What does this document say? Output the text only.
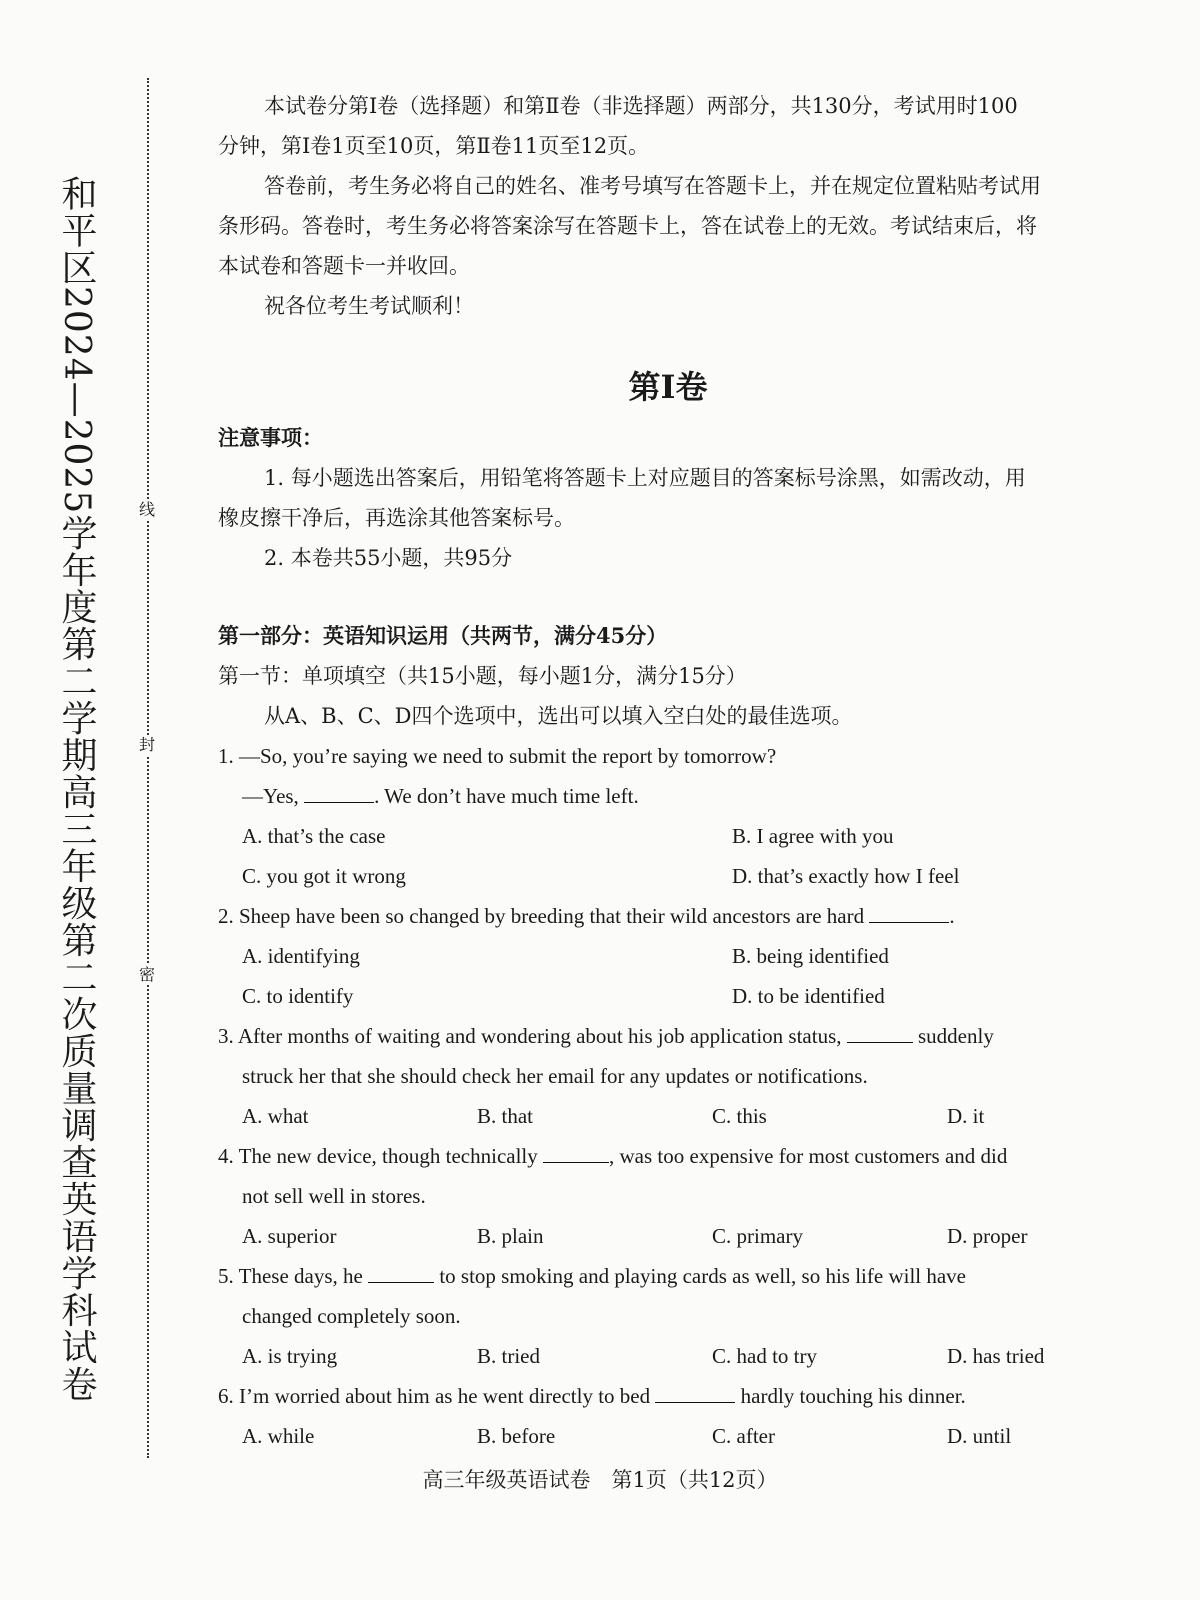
和平区2024—2025学年度第二学期高三年级第二次质量调查英语学科试卷	线
封
密
本试卷分第Ⅰ卷（选择题）和第Ⅱ卷（非选择题）两部分，共130分，考试用时100
分钟，第Ⅰ卷1页至10页，第Ⅱ卷11页至12页。
答卷前，考生务必将自己的姓名、准考号填写在答题卡上，并在规定位置粘贴考试用
条形码。答卷时，考生务必将答案涂写在答题卡上，答在试卷上的无效。考试结束后，将
本试卷和答题卡一并收回。
祝各位考生考试顺利！
第Ⅰ卷
注意事项：
1. 每小题选出答案后，用铅笔将答题卡上对应题目的答案标号涂黑，如需改动，用
橡皮擦干净后，再选涂其他答案标号。
2. 本卷共55小题，共95分
第一部分：英语知识运用（共两节，满分45分）
第一节：单项填空（共15小题，每小题1分，满分15分）
从A、B、C、D四个选项中，选出可以填入空白处的最佳选项。
1. —So, you’re saying we need to submit the report by tomorrow?
—Yes,	. We don’t have much time left.
A. that’s the case	B. I agree with you
C. you got it wrong	D. that’s exactly how I feel
2. Sheep have been so changed by breeding that their wild ancestors are hard	.
A. identifying	B. being identified
C. to identify	D. to be identified
3. After months of waiting and wondering about his job application status,	suddenly
struck her that she should check her email for any updates or notifications.
A. what	B. that	C. this	D. it
4. The new device, though technically	, was too expensive for most customers and did
not sell well in stores.
A. superior	B. plain	C. primary	D. proper
5. These days, he	to stop smoking and playing cards as well, so his life will have
changed completely soon.
A. is trying	B. tried	C. had to try	D. has tried
6. I’m worried about him as he went directly to bed	hardly touching his dinner.
A. while	B. before	C. after	D. until
高三年级英语试卷　第1页（共12页）
